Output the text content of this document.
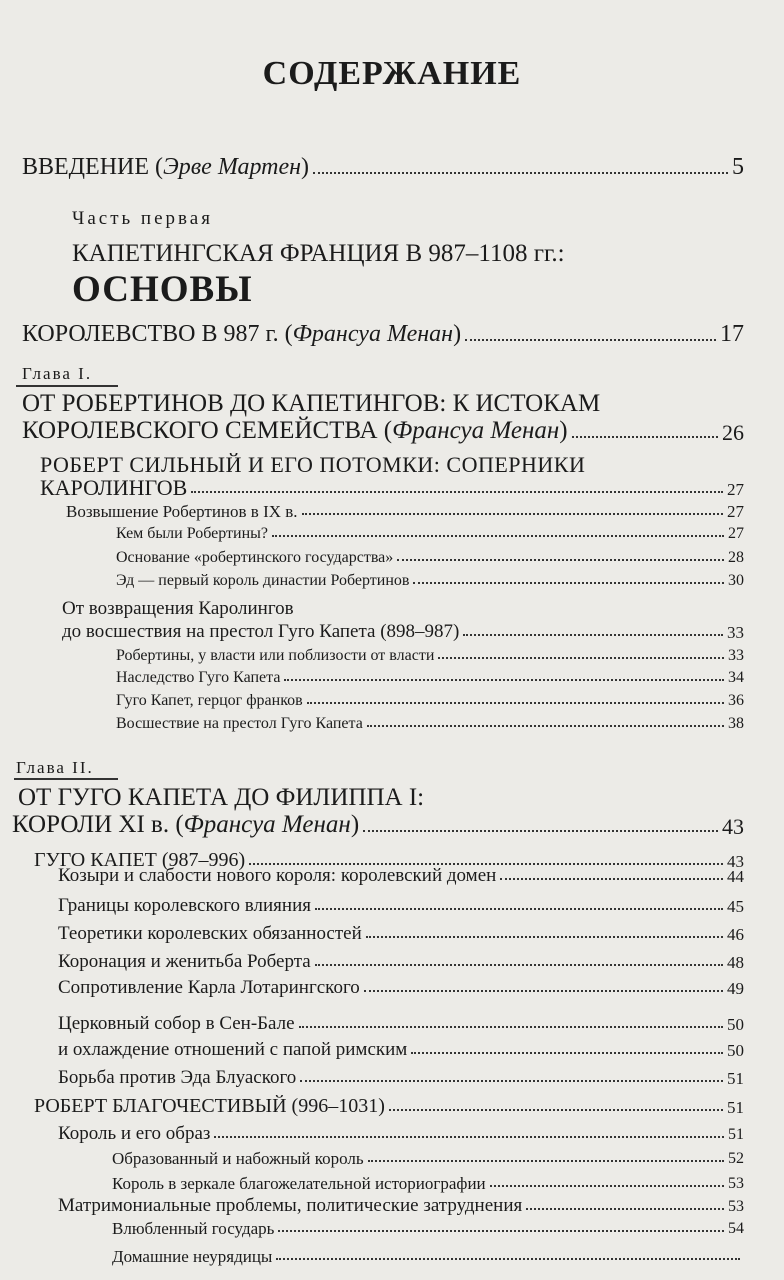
СОДЕРЖАНИЕ
ВВЕДЕНИЕ (Эрве Мартен)	5
Часть первая
КАПЕТИНГСКАЯ ФРАНЦИЯ В 987–1108 гг.:
ОСНОВЫ
КОРОЛЕВСТВО В 987 г. (Франсуа Менан)	17
Глава I.
ОТ РОБЕРТИНОВ ДО КАПЕТИНГОВ: К ИСТОКАМ
КОРОЛЕВСКОГО СЕМЕЙСТВА (Франсуа Менан)	26
РОБЕРТ СИЛЬНЫЙ И ЕГО ПОТОМКИ: СОПЕРНИКИ
КАРОЛИНГОВ	27
Возвышение Робертинов в IX в.	27
Кем были Робертины?	27
Основание «робертинского государства»	28
Эд — первый король династии Робертинов	30
От возвращения Каролингов
до восшествия на престол Гуго Капета (898–987)	33
Робертины, у власти или поблизости от власти	33
Наследство Гуго Капета	34
Гуго Капет, герцог франков	36
Восшествие на престол Гуго Капета	38
Глава II.
ОТ ГУГО КАПЕТА ДО ФИЛИППА I:
КОРОЛИ XI в. (Франсуа Менан)	43
ГУГО КАПЕТ (987–996)	43
Козыри и слабости нового короля: королевский домен	44
Границы королевского влияния	45
Теоретики королевских обязанностей	46
Коронация и женитьба Роберта	48
Сопротивление Карла Лотарингского	49
Церковный собор в Сен-Бале	50
и охлаждение отношений с папой римским	50
Борьба против Эда Блуаского	51
РОБЕРТ БЛАГОЧЕСТИВЫЙ (996–1031)	51
Король и его образ	51
Образованный и набожный король	52
Король в зеркале благожелательной историографии	53
Матримониальные проблемы, политические затруднения	53
Влюбленный государь	54
Домашние неурядицы
